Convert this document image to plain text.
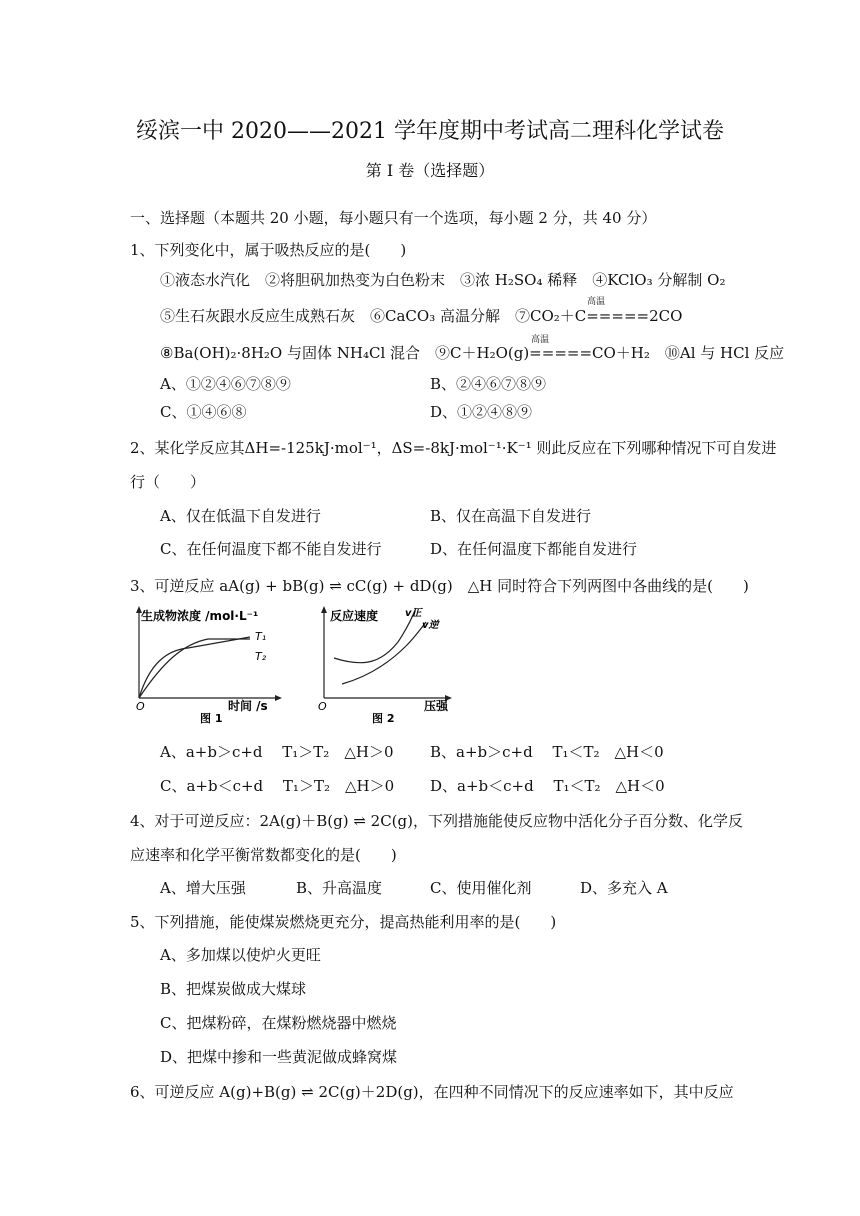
绥滨一中 2020——2021 学年度期中考试高二理科化学试卷
第 I 卷（选择题）
一、选择题（本题共 20 小题，每小题只有一个选项，每小题 2 分，共 40 分）
1、下列变化中，属于吸热反应的是(　　)
①液态水汽化　②将胆矾加热变为白色粉末　③浓 H₂SO₄ 稀释　④KClO₃ 分解制 O₂
高温
⑤生石灰跟水反应生成熟石灰　⑥CaCO₃ 高温分解　⑦CO₂＋C=====2CO
高温
⑧Ba(OH)₂·8H₂O 与固体 NH₄Cl 混合　⑨C＋H₂O(g)=====CO＋H₂　⑩Al 与 HCl 反应
A、①②④⑥⑦⑧⑨	B、②④⑥⑦⑧⑨
C、①④⑥⑧	D、①②④⑧⑨
2、某化学反应其ΔH=-125kJ·mol⁻¹，ΔS=-8kJ·mol⁻¹·K⁻¹ 则此反应在下列哪种情况下可自发进
行（　　）
A、仅在低温下自发进行	B、仅在高温下自发进行
C、在任何温度下都不能自发进行	D、在任何温度下都能自发进行
3、可逆反应 aA(g) + bB(g) ⇌ cC(g) + dD(g)　△H 同时符合下列两图中各曲线的是(　　)
O
生成物浓度 /mol·L⁻¹
T₁
T₂
时间 /s
图 1
O
反应速度	v正
v逆
压强
图 2
A、a+b＞c+d　 T₁＞T₂　△H＞0 B、a+b＞c+d　 T₁＜T₂　△H＜0
C、a+b＜c+d　 T₁＞T₂　△H＞0 D、a+b＜c+d　 T₁＜T₂　△H＜0
4、对于可逆反应：2A(g)＋B(g) ⇌ 2C(g)，下列措施能使反应物中活化分子百分数、化学反
应速率和化学平衡常数都变化的是(　　)
A、增大压强	B、升高温度	C、使用催化剂	D、多充入 A
5、下列措施，能使煤炭燃烧更充分，提高热能利用率的是(　　)
A、多加煤以使炉火更旺
B、把煤炭做成大煤球
C、把煤粉碎，在煤粉燃烧器中燃烧
D、把煤中掺和一些黄泥做成蜂窝煤
6、可逆反应 A(g)+B(g) ⇌ 2C(g)＋2D(g)，在四种不同情况下的反应速率如下，其中反应
